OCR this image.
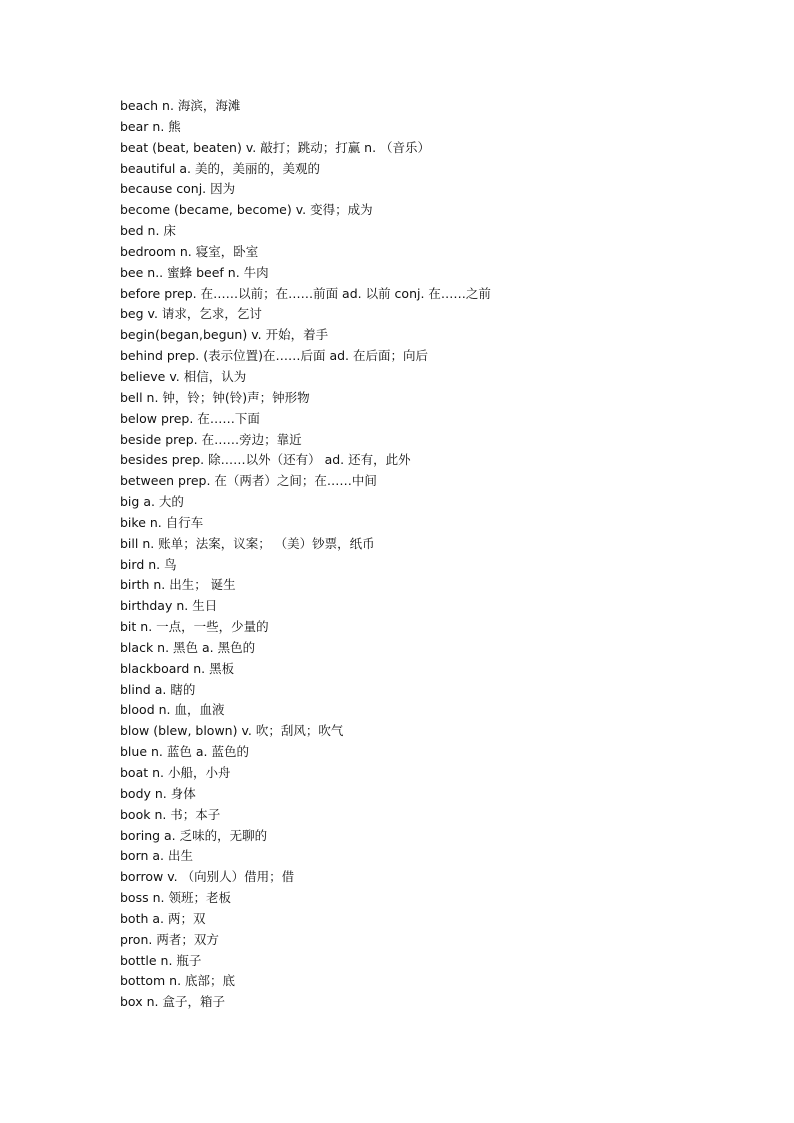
beach n. 海滨，海滩
bear n. 熊
beat (beat, beaten) v. 敲打；跳动；打赢 n. （音乐）
beautiful a. 美的，美丽的，美观的
because conj. 因为
become (became, become) v. 变得；成为
bed n. 床
bedroom n. 寝室，卧室
bee n.. 蜜蜂 beef n. 牛肉
before prep. 在……以前；在……前面 ad. 以前 conj. 在……之前
beg v. 请求，乞求，乞讨
begin(began,begun) v. 开始，着手
behind prep. (表示位置)在……后面 ad. 在后面；向后
believe v. 相信，认为
bell n. 钟，铃；钟(铃)声；钟形物
below prep. 在……下面
beside prep. 在……旁边；靠近
besides prep. 除……以外（还有） ad. 还有，此外
between prep. 在（两者）之间；在……中间
big a. 大的
bike n. 自行车
bill n. 账单；法案，议案； （美）钞票，纸币
bird n. 鸟
birth n. 出生； 诞生
birthday n. 生日
bit n. 一点，一些，少量的
black n. 黑色 a. 黑色的
blackboard n. 黑板
blind a. 瞎的
blood n. 血，血液
blow (blew, blown) v. 吹；刮风；吹气
blue n. 蓝色 a. 蓝色的
boat n. 小船，小舟
body n. 身体
book n. 书；本子
boring a. 乏味的，无聊的
born a. 出生
borrow v. （向别人）借用；借
boss n. 领班；老板
both a. 两；双
pron. 两者；双方
bottle n. 瓶子
bottom n. 底部；底
box n. 盒子，箱子
